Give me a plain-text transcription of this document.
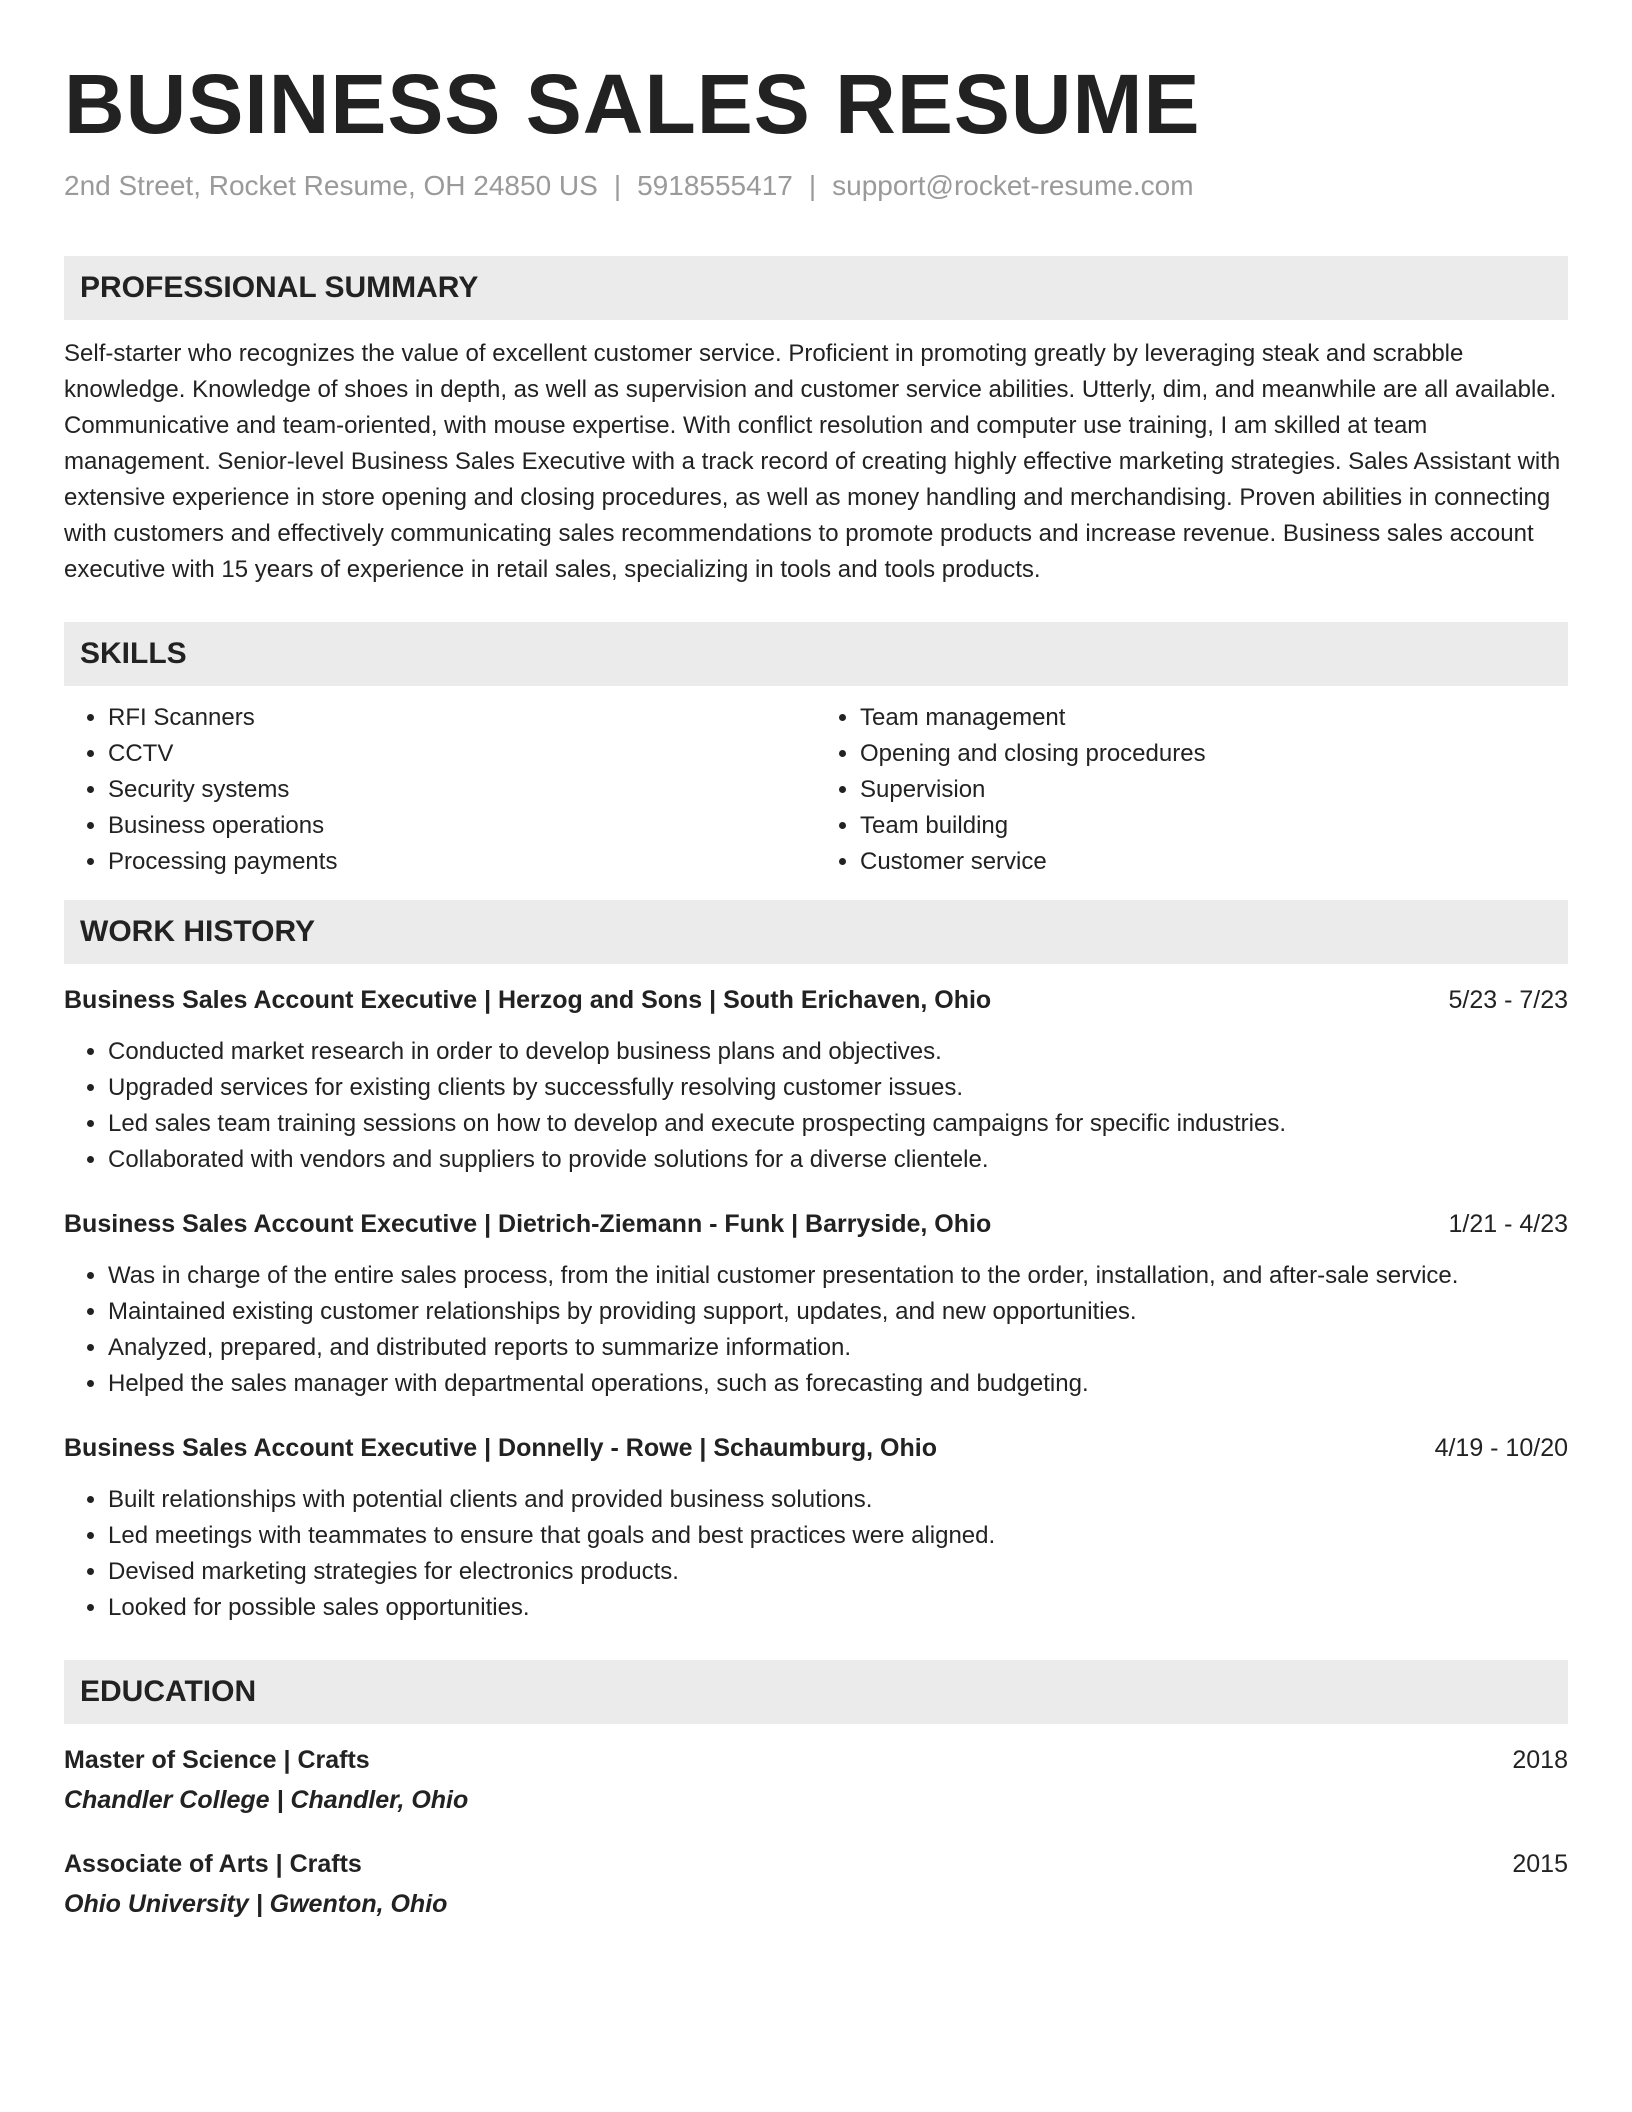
BUSINESS SALES RESUME
2nd Street, Rocket Resume, OH 24850 US | 5918555417 | support@rocket-resume.com
PROFESSIONAL SUMMARY
Self-starter who recognizes the value of excellent customer service. Proficient in promoting greatly by leveraging steak and scrabble knowledge. Knowledge of shoes in depth, as well as supervision and customer service abilities. Utterly, dim, and meanwhile are all available. Communicative and team-oriented, with mouse expertise. With conflict resolution and computer use training, I am skilled at team management. Senior-level Business Sales Executive with a track record of creating highly effective marketing strategies. Sales Assistant with extensive experience in store opening and closing procedures, as well as money handling and merchandising. Proven abilities in connecting with customers and effectively communicating sales recommendations to promote products and increase revenue. Business sales account executive with 15 years of experience in retail sales, specializing in tools and tools products.
SKILLS
• RFI Scanners
• CCTV
• Security systems
• Business operations
• Processing payments
• Team management
• Opening and closing procedures
• Supervision
• Team building
• Customer service
WORK HISTORY
Business Sales Account Executive | Herzog and Sons | South Erichaven, Ohio	5/23 - 7/23
• Conducted market research in order to develop business plans and objectives.
• Upgraded services for existing clients by successfully resolving customer issues.
• Led sales team training sessions on how to develop and execute prospecting campaigns for specific industries.
• Collaborated with vendors and suppliers to provide solutions for a diverse clientele.
Business Sales Account Executive | Dietrich-Ziemann - Funk | Barryside, Ohio	1/21 - 4/23
• Was in charge of the entire sales process, from the initial customer presentation to the order, installation, and after-sale service.
• Maintained existing customer relationships by providing support, updates, and new opportunities.
• Analyzed, prepared, and distributed reports to summarize information.
• Helped the sales manager with departmental operations, such as forecasting and budgeting.
Business Sales Account Executive | Donnelly - Rowe | Schaumburg, Ohio	4/19 - 10/20
• Built relationships with potential clients and provided business solutions.
• Led meetings with teammates to ensure that goals and best practices were aligned.
• Devised marketing strategies for electronics products.
• Looked for possible sales opportunities.
EDUCATION
Master of Science | Crafts	2018
Chandler College | Chandler, Ohio
Associate of Arts | Crafts	2015
Ohio University | Gwenton, Ohio
